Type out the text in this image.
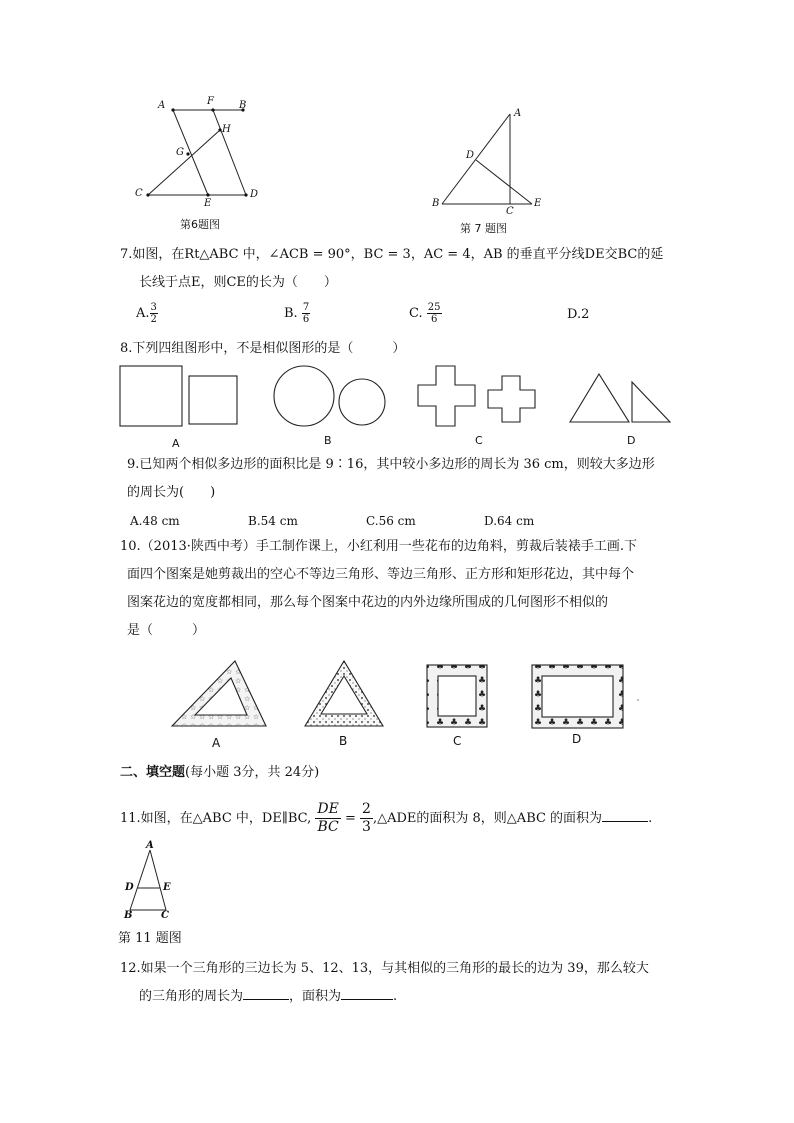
A	F	B
H
G
C
E
D
第6题图
A
D
B
C
E
第 7 题图
7.如图，在Rt△ABC 中，∠ACB = 90°，BC = 3，AC = 4，AB 的垂直平分线DE交BC的延
长线于点E，则CE的长为（　　）
A. $\frac{3}{2}$	B. $\frac{7}{6}$	C. $\frac{25}{6}$	D.2
8.下列四组图形中，不是相似图形的是（　　　）
A	B	C	D
9.已知两个相似多边形的面积比是 9∶16，其中较小多边形的周长为 36 cm，则较大多边形
的周长为(　　)
A.48 cm	B.54 cm	C.56 cm	D.64 cm
10.（2013·陕西中考）手工制作课上，小红利用一些花布的边角料，剪裁后装裱手工画.下
面四个图案是她剪裁出的空心不等边三角形、等边三角形、正方形和矩形花边，其中每个
图案花边的宽度都相同，那么每个图案中花边的内外边缘所围成的几何图形不相似的
是（　　　）
A	B	C	D
二、填空题(每小题 3分，共 24分)
11.如图，在△ABC 中，DE∥BC, $\frac{DE}{BC} = \frac{2}{3}$ ,△ADE的面积为 8，则△ABC 的面积为	.
A
D	E
B	C
第 11 题图
12.如果一个三角形的三边长为 5、12、13，与其相似的三角形的最长的边为 39，那么较大
的三角形的周长为	，面积为	.
